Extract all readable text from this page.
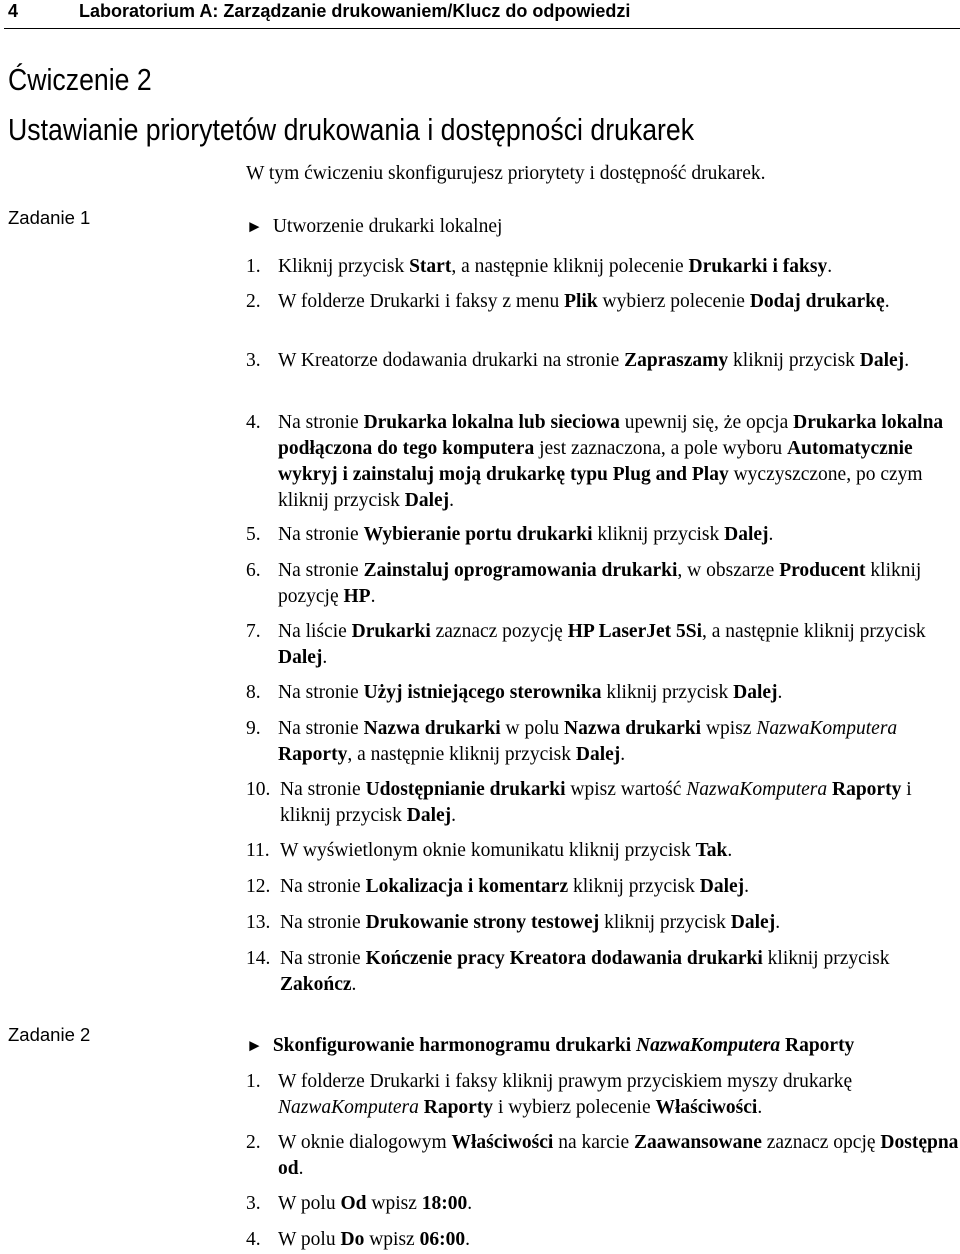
4	Laboratorium A: Zarządzanie drukowaniem/Klucz do odpowiedzi
Ćwiczenie 2
Ustawianie priorytetów drukowania i dostępności drukarek
W tym ćwiczeniu skonfigurujesz priorytety i dostępność drukarek.
Zadanie 1	► Utworzenie drukarki lokalnej
1. Kliknij przycisk Start, a następnie kliknij polecenie Drukarki i faksy.
2. W folderze Drukarki i faksy z menu Plik wybierz polecenie Dodaj drukarkę.
3. W Kreatorze dodawania drukarki na stronie Zapraszamy kliknij przycisk Dalej.
4. Na stronie Drukarka lokalna lub sieciowa upewnij się, że opcja Drukarka lokalna podłączona do tego komputera jest zaznaczona, a pole wyboru Automatycznie wykryj i zainstaluj moją drukarkę typu Plug and Play wyczyszczone, po czym kliknij przycisk Dalej.
5. Na stronie Wybieranie portu drukarki kliknij przycisk Dalej.
6. Na stronie Zainstaluj oprogramowania drukarki, w obszarze Producent kliknij pozycję HP.
7. Na liście Drukarki zaznacz pozycję HP LaserJet 5Si, a następnie kliknij przycisk Dalej.
8. Na stronie Użyj istniejącego sterownika kliknij przycisk Dalej.
9. Na stronie Nazwa drukarki w polu Nazwa drukarki wpisz NazwaKomputera Raporty, a następnie kliknij przycisk Dalej.
10. Na stronie Udostępnianie drukarki wpisz wartość NazwaKomputera Raporty i kliknij przycisk Dalej.
11. W wyświetlonym oknie komunikatu kliknij przycisk Tak.
12. Na stronie Lokalizacja i komentarz kliknij przycisk Dalej.
13. Na stronie Drukowanie strony testowej kliknij przycisk Dalej.
14. Na stronie Kończenie pracy Kreatora dodawania drukarki kliknij przycisk Zakończ.
Zadanie 2
► Skonfigurowanie harmonogramu drukarki NazwaKomputera Raporty
1. W folderze Drukarki i faksy kliknij prawym przyciskiem myszy drukarkę NazwaKomputera Raporty i wybierz polecenie Właściwości.
2. W oknie dialogowym Właściwości na karcie Zaawansowane zaznacz opcję Dostępna od.
3. W polu Od wpisz 18:00.
4. W polu Do wpisz 06:00.
